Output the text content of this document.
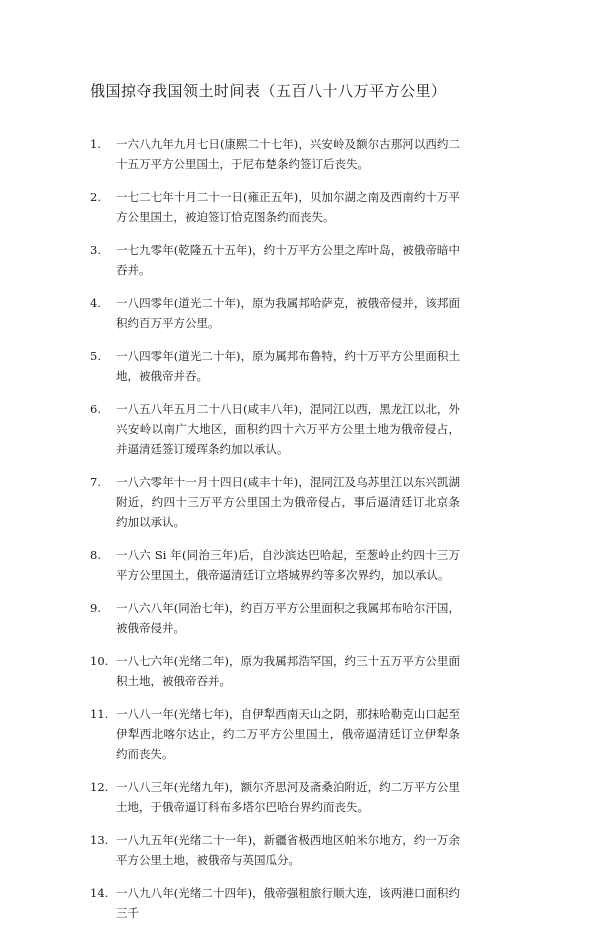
俄国掠夺我国领土时间表（五百八十八万平方公里）
1.	一六八九年九月七日(康熙二十七年)，兴安岭及额尔古那河以西约二十五万平方公里国土，于尼布楚条约签订后丧失。
2.	一七二七年十月二十一日(雍正五年)，贝加尔湖之南及西南约十万平方公里国土，被迫签订恰克图条约而丧失。
3.	一七九零年(乾隆五十五年)，约十万平方公里之库叶岛，被俄帝暗中吞并。
4.	一八四零年(道光二十年)，原为我属邦哈萨克，被俄帝侵并，该邦面积约百万平方公里。
5.	一八四零年(道光二十年)，原为属邦布鲁特，约十万平方公里面积土地，被俄帝并吞。
6.	一八五八年五月二十八日(咸丰八年)，混同江以西，黑龙江以北，外兴安岭以南广大地区，面积约四十六万平方公里土地为俄帝侵占，并逼清廷签订瑷珲条约加以承认。
7.	一八六零年十一月十四日(咸丰十年)，混同江及乌苏里江以东兴凯湖附近，约四十三万平方公里国土为俄帝侵占，事后逼清廷订北京条约加以承认。
8.	一八六 Si 年(同治三年)后，自沙滨达巴哈起，至葱岭止约四十三万平方公里国土，俄帝逼清廷订立塔城界约等多次界约，加以承认。
9.	一八六八年(同治七年)，约百万平方公里面积之我属邦布哈尔汗国，被俄帝侵并。
10. 一八七六年(光绪二年)，原为我属邦浩罕国，约三十五万平方公里面积土地，被俄帝吞并。
11. 一八八一年(光绪七年)，自伊犁西南天山之阴，那抹哈勒克山口起至伊犁西北喀尔达止，约二万平方公里国土，俄帝逼清廷订立伊犁条约而丧失。
12. 一八八三年(光绪九年)，额尔齐思河及斋桑泊附近，约二万平方公里土地，于俄帝逼订科布多塔尔巴哈台界约而丧失。
13. 一八九五年(光绪二十一年)，新疆省极西地区帕米尔地方，约一万余平方公里土地，被俄帝与英国瓜分。
14. 一八九八年(光绪二十四年)，俄帝强租旅行顺大连，该两港口面积约三千
